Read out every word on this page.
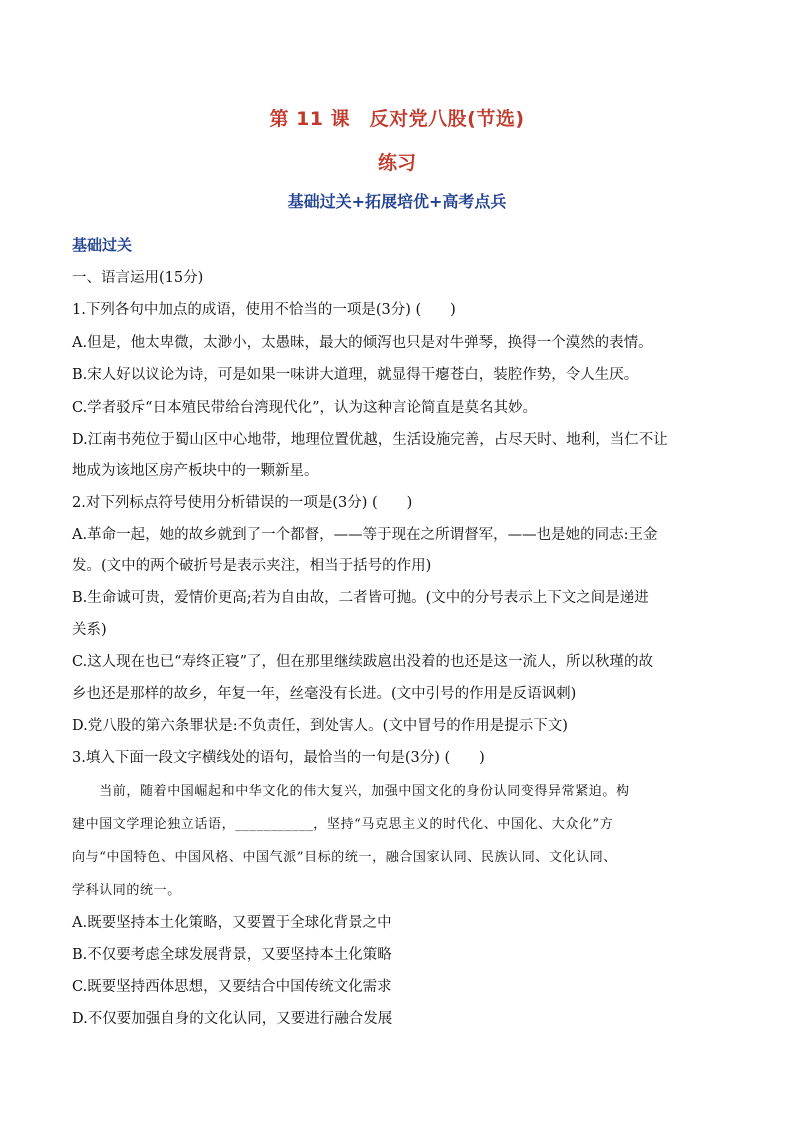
第 11 课　反对党八股(节选)
练习
基础过关+拓展培优+高考点兵
基础过关

一、语言运用(15分)

1.下列各句中加点的成语，使用不恰当的一项是(3分) (　　)

A.但是，他太卑微，太渺小，太愚昧，最大的倾泻也只是对牛弹琴，换得一个漠然的表情。

B.宋人好以议论为诗，可是如果一味讲大道理，就显得干瘪苍白，装腔作势，令人生厌。

C.学者驳斥“日本殖民带给台湾现代化”，认为这种言论简直是莫名其妙。

D.江南书苑位于蜀山区中心地带，地理位置优越，生活设施完善，占尽天时、地利，当仁不让

地成为该地区房产板块中的一颗新星。

2.对下列标点符号使用分析错误的一项是(3分) (　　)

A.革命一起，她的故乡就到了一个都督，——等于现在之所谓督军，——也是她的同志:王金

发。(文中的两个破折号是表示夹注，相当于括号的作用)

B.生命诚可贵，爱情价更高;若为自由故，二者皆可抛。(文中的分号表示上下文之间是递进

关系)

C.这人现在也已“寿终正寝”了，但在那里继续跋扈出没着的也还是这一流人，所以秋瑾的故

乡也还是那样的故乡，年复一年，丝毫没有长进。(文中引号的作用是反语讽刺)

D.党八股的第六条罪状是:不负责任，到处害人。(文中冒号的作用是提示下文)

3.填入下面一段文字横线处的语句，最恰当的一句是(3分) (　　)

　　当前，随着中国崛起和中华文化的伟大复兴，加强中国文化的身份认同变得异常紧迫。构

建中国文学理论独立话语，___________，坚持“马克思主义的时代化、中国化、大众化”方

向与“中国特色、中国风格、中国气派”目标的统一，融合国家认同、民族认同、文化认同、

学科认同的统一。

A.既要坚持本土化策略，又要置于全球化背景之中

B.不仅要考虑全球发展背景，又要坚持本土化策略

C.既要坚持西体思想，又要结合中国传统文化需求

D.不仅要加强自身的文化认同，又要进行融合发展
